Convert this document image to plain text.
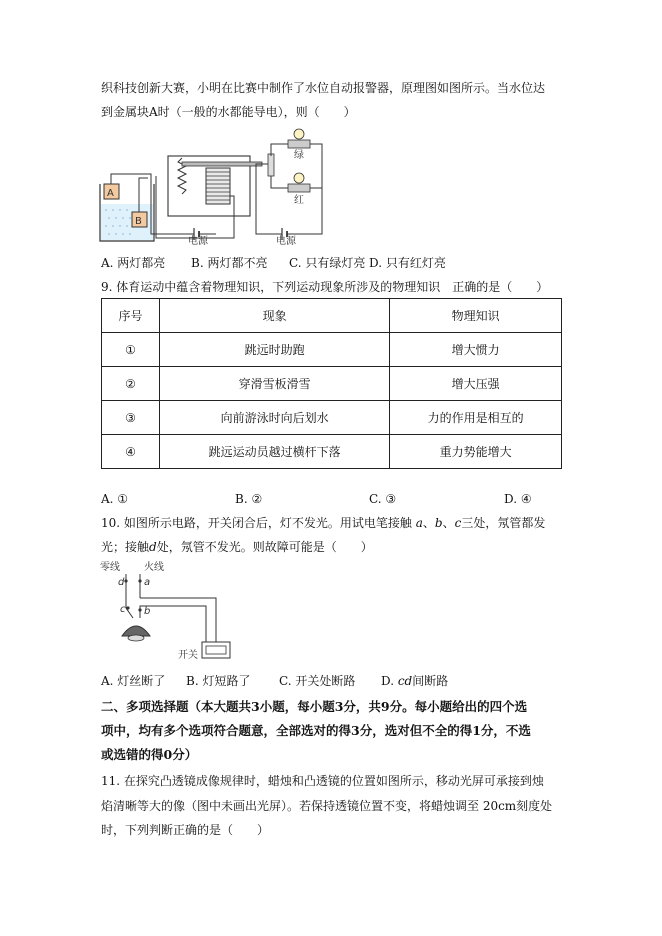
织科技创新大赛，小明在比赛中制作了水位自动报警器，原理图如图所示。当水位达
到金属块A时（一般的水都能导电），则（　　）
A
B
电源
绿
红
电源
A. 两灯都亮 B. 两灯都不亮 C. 只有绿灯亮 D. 只有红灯亮
9. 体育运动中蕴含着物理知识，下列运动现象所涉及的物理知识　正确的是（　　）
序号	现象	物理知识
①	跳远时助跑	增大惯力
②	穿滑雪板滑雪	增大压强
③	向前游泳时向后划水	力的作用是相互的
④	跳远运动员越过横杆下落	重力势能增大
A. ①	B. ②	C. ③	D. ④
10. 如图所示电路，开关闭合后，灯不发光。用试电笔接触 a、b、c三处，氖管都发
光；接触d处，氖管不发光。则故障可能是（　　）
零线 火线
d a
c b
开关
A. 灯丝断了 B. 灯短路了 C. 开关处断路 D. cd间断路
二、多项选择题（本大题共3小题，每小题3分，共9分。每小题给出的四个选
项中，均有多个选项符合题意，全部选对的得3分，选对但不全的得1分，不选
或选错的得0分）
11. 在探究凸透镜成像规律时，蜡烛和凸透镜的位置如图所示，移动光屏可承接到烛
焰清晰等大的像（图中未画出光屏）。若保持透镜位置不变，将蜡烛调至 20cm刻度处
时，下列判断正确的是（　　）
